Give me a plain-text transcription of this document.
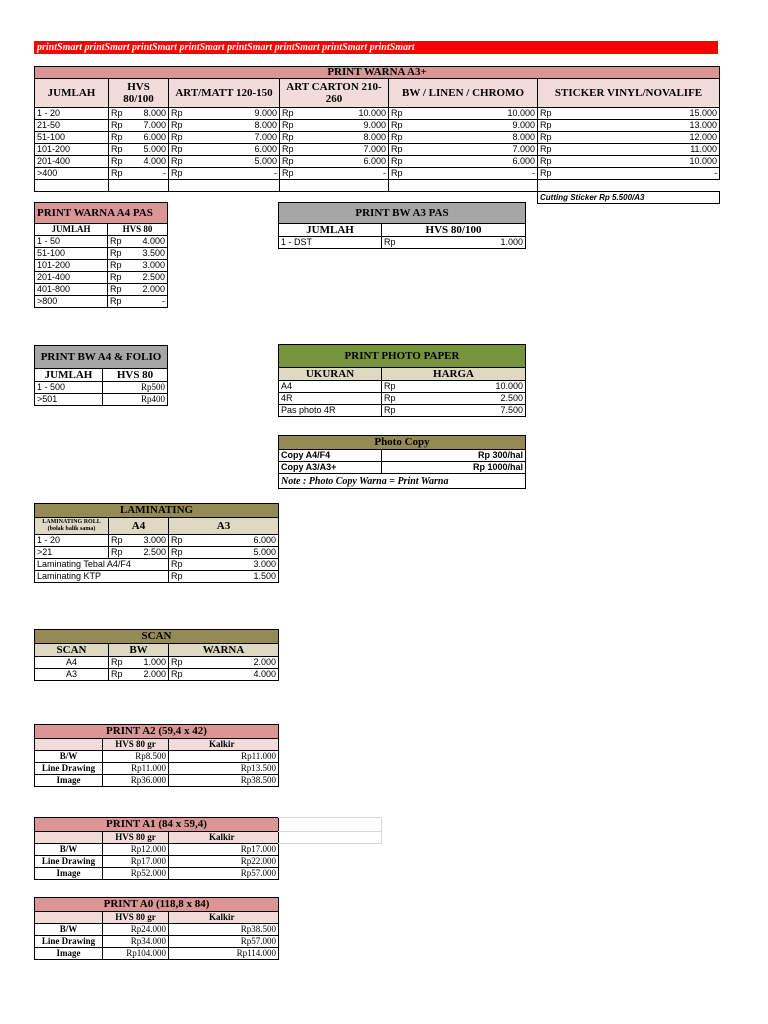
printSmart printSmart printSmart printSmart printSmart printSmart printSmart printSmart
PRINT WARNA A3+										
JUMLAH	HVS 80/100		ART/MATT 120-150		ART CARTON 210-260		BW / LINEN / CHROMO		STICKER VINYL/NOVALIFE	
1 - 20	Rp	8.000	Rp	9.000	Rp	10.000	Rp	10.000	Rp	15.000
21-50	Rp	7.000	Rp	8.000	Rp	9.000	Rp	9.000	Rp	13.000
51-100	Rp	6.000	Rp	7.000	Rp	8.000	Rp	8.000	Rp	12.000
101-200	Rp	5.000	Rp	6.000	Rp	7.000	Rp	7.000	Rp	11.000
201-400	Rp	4.000	Rp	5.000	Rp	6.000	Rp	6.000	Rp	10.000
>400	Rp	-	Rp	-	Rp	-	Rp	-	Rp	-

									Cutting Sticker Rp 5.500/A3	
PRINT WARNA A4 PAS		
JUMLAH	HVS 80	
1 - 50	Rp	4.000
51-100	Rp	3.500
101-200	Rp	3.000
201-400	Rp	2.500
401-800	Rp	2.000
>800	Rp	-
PRINT BW A3 PAS		
JUMLAH	HVS 80/100	
1 - DST	Rp	1.000
PRINT BW A4 & FOLIO	
JUMLAH	HVS 80
1 - 500	Rp500
>501	Rp400
PRINT PHOTO PAPER		
UKURAN	HARGA	
A4	Rp	10.000
4R	Rp	2.500
Pas photo 4R	Rp	7.500
Photo Copy	
Copy A4/F4	Rp 300/hal
Copy A3/A3+	Rp 1000/hal
Note : Photo Copy Warna = Print Warna	
LAMINATING				
LAMINATING ROLL
(bolak balik sama)	A4		A3	
1 - 20	Rp	3.000	Rp	6.000
>21	Rp	2.500	Rp	5.000
Laminating Tebal A4/F4			Rp	3.000
Laminating KTP			Rp	1.500
SCAN				
SCAN	BW		WARNA	
A4	Rp	1.000	Rp	2.000
A3	Rp	2.000	Rp	4.000
PRINT A2 (59,4 x 42)		
	HVS 80 gr	Kalkir
B/W	Rp8.500	Rp11.000
Line Drawing	Rp11.000	Rp13.500
Image	Rp36.000	Rp38.500
PRINT A1 (84 x 59,4)		
	HVS 80 gr	Kalkir
B/W	Rp12.000	Rp17.000
Line Drawing	Rp17.000	Rp22.000
Image	Rp52.000	Rp57.000
PRINT A0 (118,8 x 84)		
	HVS 80 gr	Kalkir
B/W	Rp24.000	Rp38.500
Line Drawing	Rp34.000	Rp57.000
Image	Rp104.000	Rp114.000
